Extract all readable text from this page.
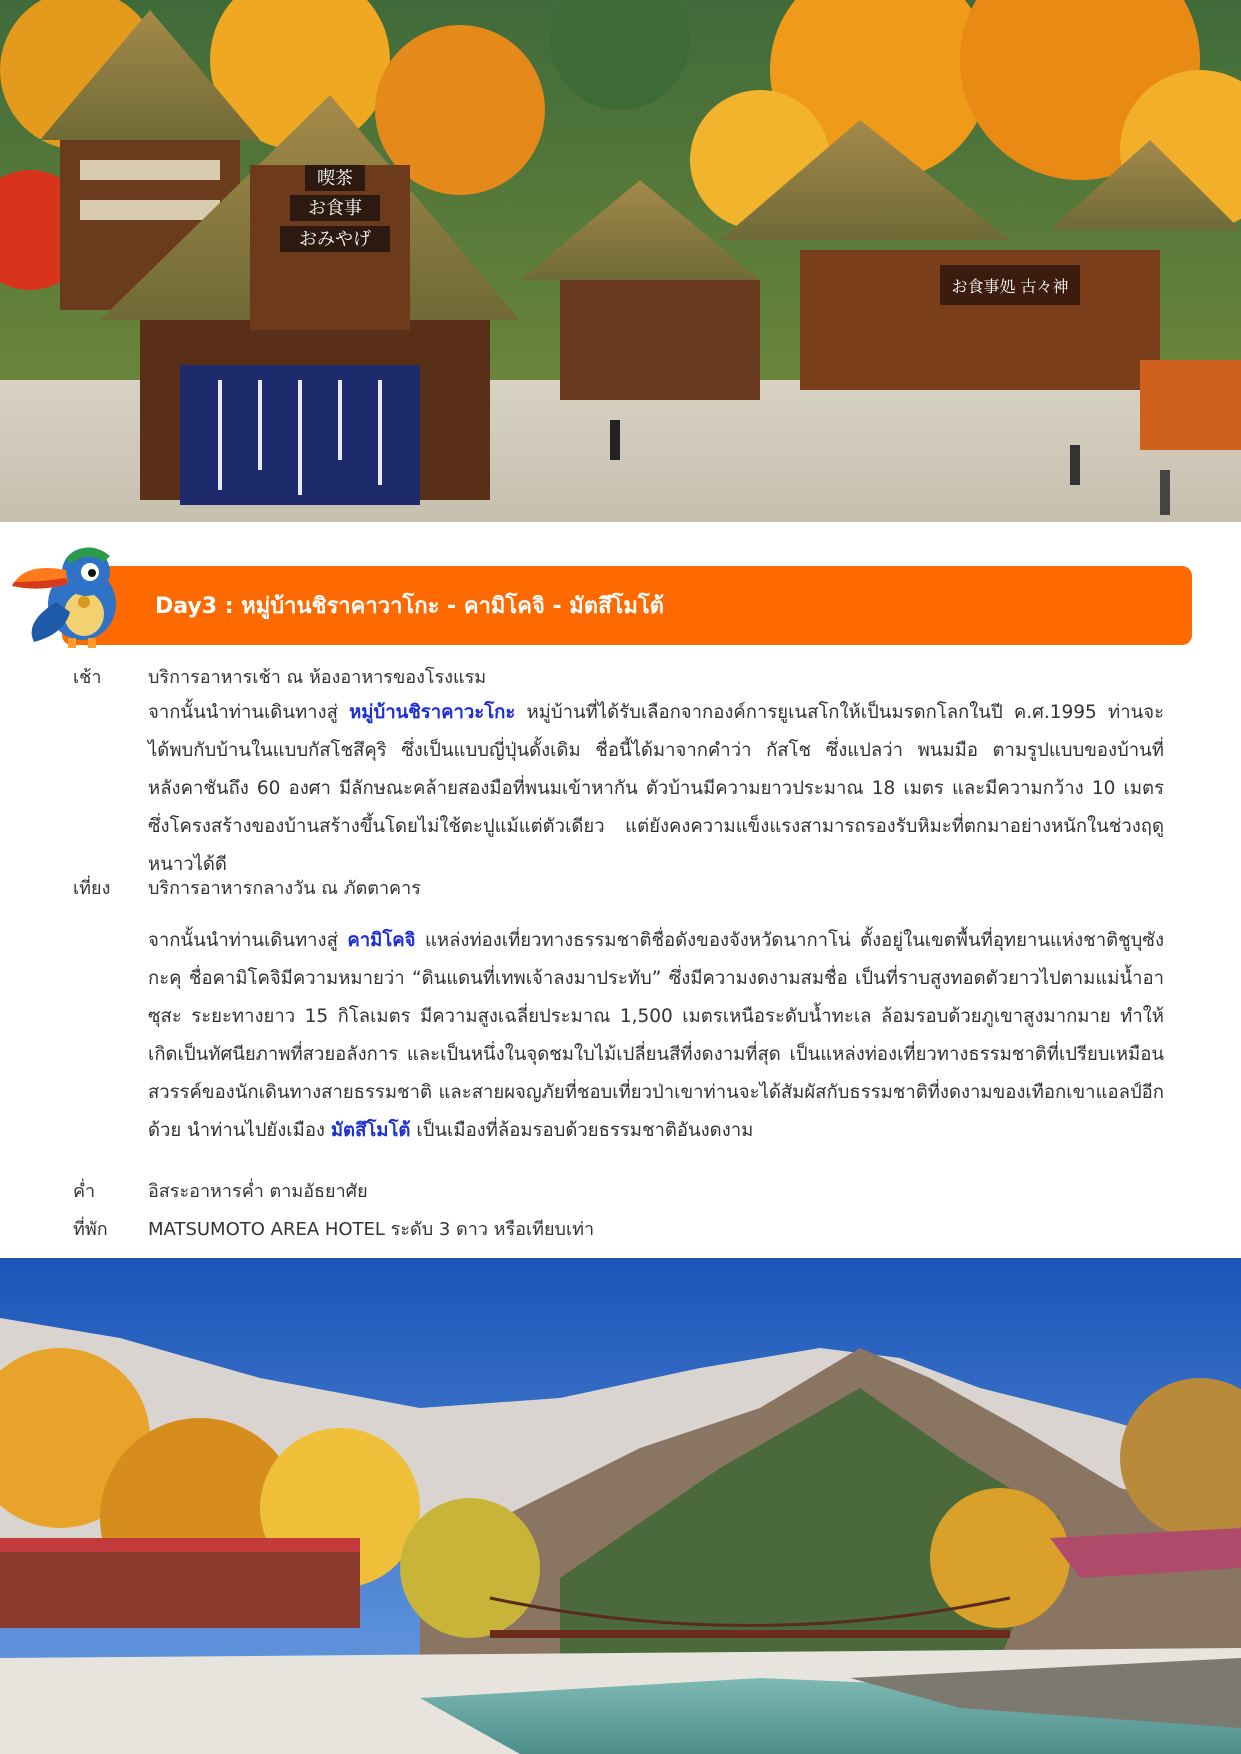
喫茶
お食事
おみやげ
お食事処 古々神
Day3 : หมู่บ้านชิราคาวาโกะ - คามิโคจิ - มัตสึโมโต้
เช้า	บริการอาหารเช้า ณ ห้องอาหารของโรงแรม
จากนั้นนำท่านเดินทางสู่ หมู่บ้านชิราคาวะโกะ หมู่บ้านที่ได้รับเลือกจากองค์การยูเนสโกให้เป็นมรดกโลกในปี ค.ศ.1995 ท่านจะได้พบกับบ้านในแบบกัสโชสึคุริ ซึ่งเป็นแบบญี่ปุ่นดั้งเดิม ชื่อนี้ได้มาจากคำว่า กัสโช ซึ่งแปลว่า พนมมือ ตามรูปแบบของบ้านที่หลังคาชันถึง 60 องศา มีลักษณะคล้ายสองมือที่พนมเข้าหากัน ตัวบ้านมีความยาวประมาณ 18 เมตร และมีความกว้าง 10 เมตร ซึ่งโครงสร้างของบ้านสร้างขึ้นโดยไม่ใช้ตะปูแม้แต่ตัวเดียว แต่ยังคงความแข็งแรงสามารถรองรับหิมะที่ตกมาอย่างหนักในช่วงฤดูหนาวได้ดี
เที่ยง บริการอาหารกลางวัน ณ ภัตตาคาร
จากนั้นนำท่านเดินทางสู่ คามิโคจิ แหล่งท่องเที่ยวทางธรรมชาติชื่อดังของจังหวัดนากาโน่ ตั้งอยู่ในเขตพื้นที่อุทยานแห่งชาติชูบุซังกะคุ ชื่อคามิโคจิมีความหมายว่า “ดินแดนที่เทพเจ้าลงมาประทับ” ซึ่งมีความงดงามสมชื่อ เป็นที่ราบสูงทอดตัวยาวไปตามแม่น้ำอาซุสะ ระยะทางยาว 15 กิโลเมตร มีความสูงเฉลี่ยประมาณ 1,500 เมตรเหนือระดับน้ำทะเล ล้อมรอบด้วยภูเขาสูงมากมาย ทำให้เกิดเป็นทัศนียภาพที่สวยอลังการ และเป็นหนึ่งในจุดชมใบไม้เปลี่ยนสีที่งดงามที่สุด เป็นแหล่งท่องเที่ยวทางธรรมชาติที่เปรียบเหมือนสวรรค์ของนักเดินทางสายธรรมชาติ และสายผจญภัยที่ชอบเที่ยวป่าเขาท่านจะได้สัมผัสกับธรรมชาติที่งดงามของเทือกเขาแอลป์อีกด้วย นำท่านไปยังเมือง มัตสึโมโต้ เป็นเมืองที่ล้อมรอบด้วยธรรมชาติอันงดงาม
ค่ำ	อิสระอาหารค่ำ ตามอัธยาศัย
ที่พัก MATSUMOTO AREA HOTEL ระดับ 3 ดาว หรือเทียบเท่า
